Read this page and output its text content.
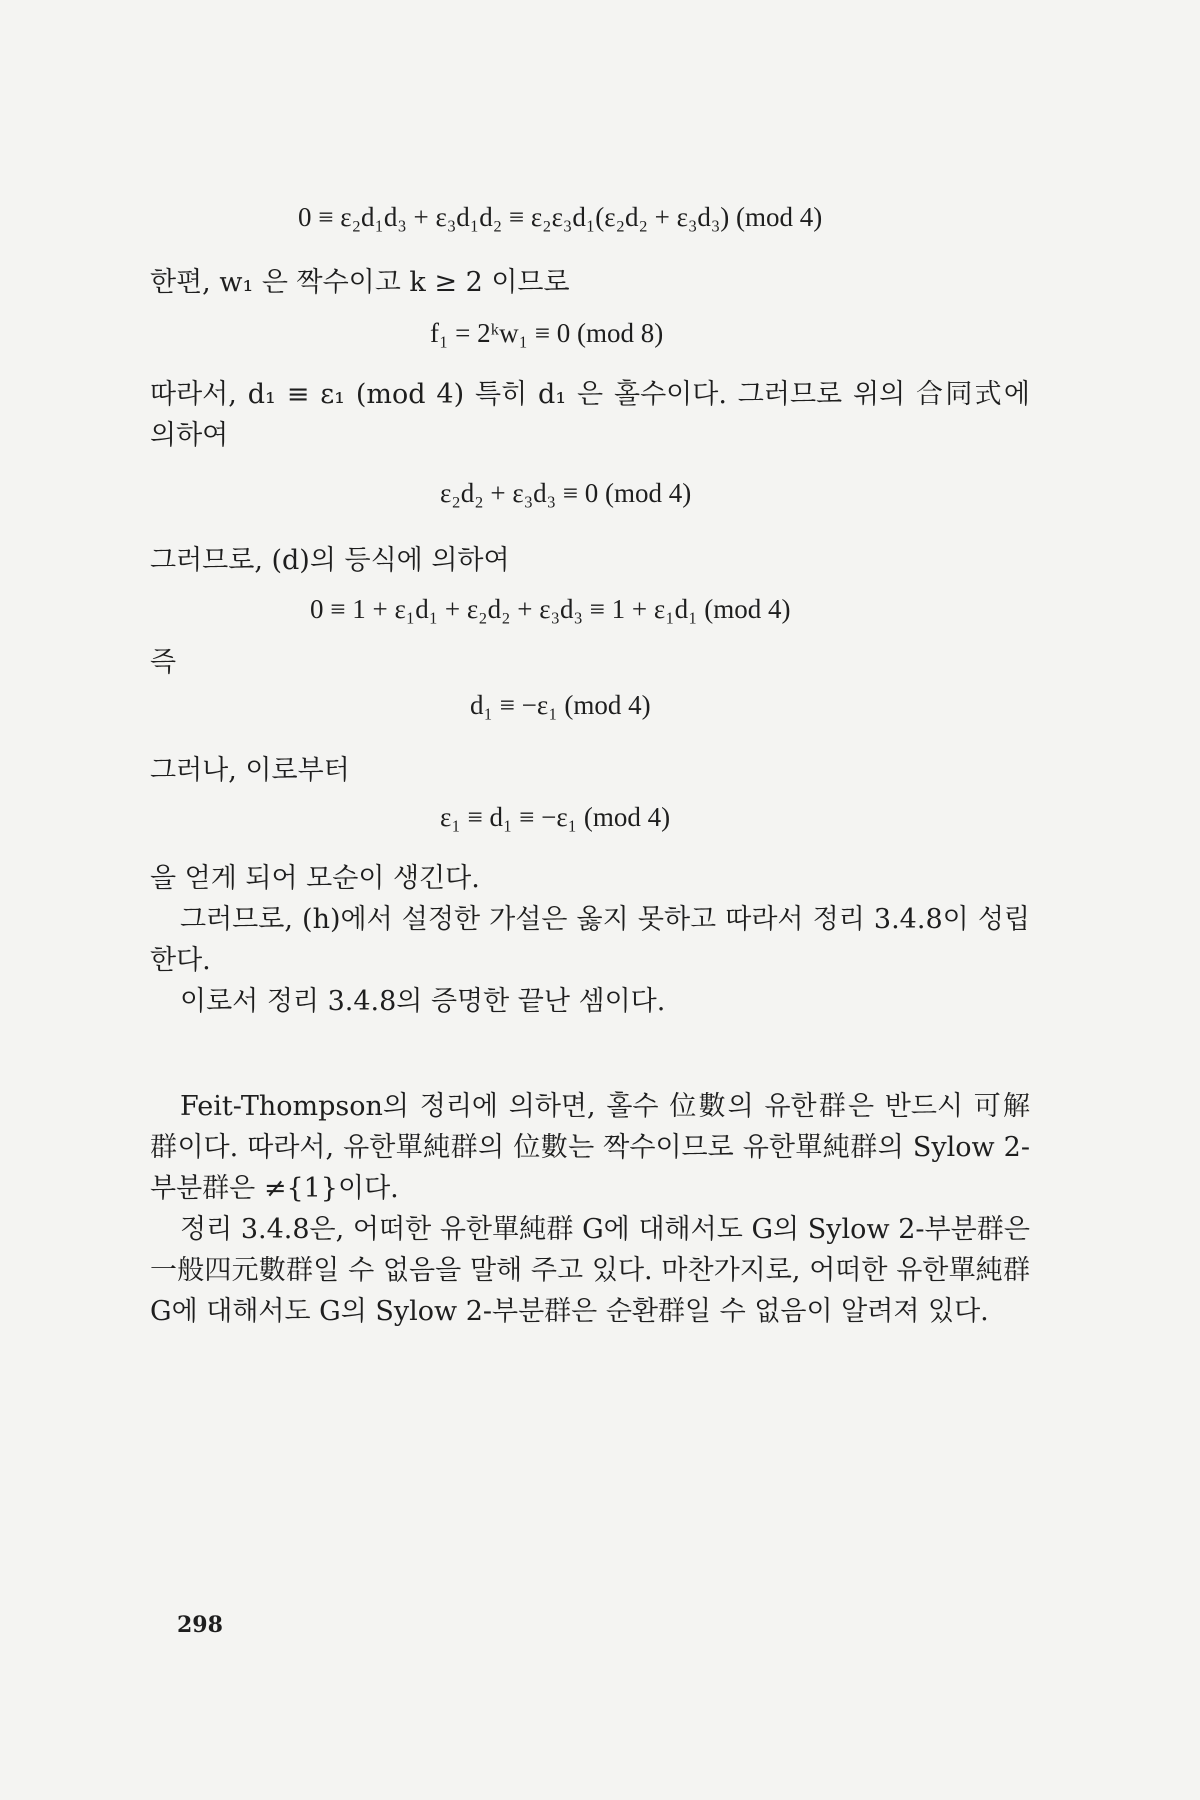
0 ≡ ε₂d₁d₃ + ε₃d₁d₂ ≡ ε₂ε₃d₁(ε₂d₂ + ε₃d₃) (mod 4)
한편, w₁ 은 짝수이고 k ≥ 2 이므로
f₁ = 2ᵏw₁ ≡ 0 (mod 8)

따라서, d₁ ≡ ε₁ (mod 4) 특히 d₁ 은 홀수이다. 그러므로 위의 合同式에 의하여

ε₂d₂ + ε₃d₃ ≡ 0 (mod 4)
그러므로, (d)의 등식에 의하여
0 ≡ 1 + ε₁d₁ + ε₂d₂ + ε₃d₃ ≡ 1 + ε₁d₁ (mod 4)
즉
d₁ ≡ −ε₁ (mod 4)
그러나, 이로부터
ε₁ ≡ d₁ ≡ −ε₁ (mod 4)

을 얻게 되어 모순이 생긴다.

그러므로, (h)에서 설정한 가설은 옳지 못하고 따라서 정리 3.4.8이 성립한다.

이로서 정리 3.4.8의 증명한 끝난 셈이다.

Feit-Thompson의 정리에 의하면, 홀수 位數의 유한群은 반드시 可解群이다. 따라서, 유한單純群의 位數는 짝수이므로 유한單純群의 Sylow 2-부분群은 ≠{1}이다.

정리 3.4.8은, 어떠한 유한單純群 G에 대해서도 G의 Sylow 2-부분群은 一般四元數群일 수 없음을 말해 주고 있다. 마찬가지로, 어떠한 유한單純群 G에 대해서도 G의 Sylow 2-부분群은 순환群일 수 없음이 알려져 있다.

298
